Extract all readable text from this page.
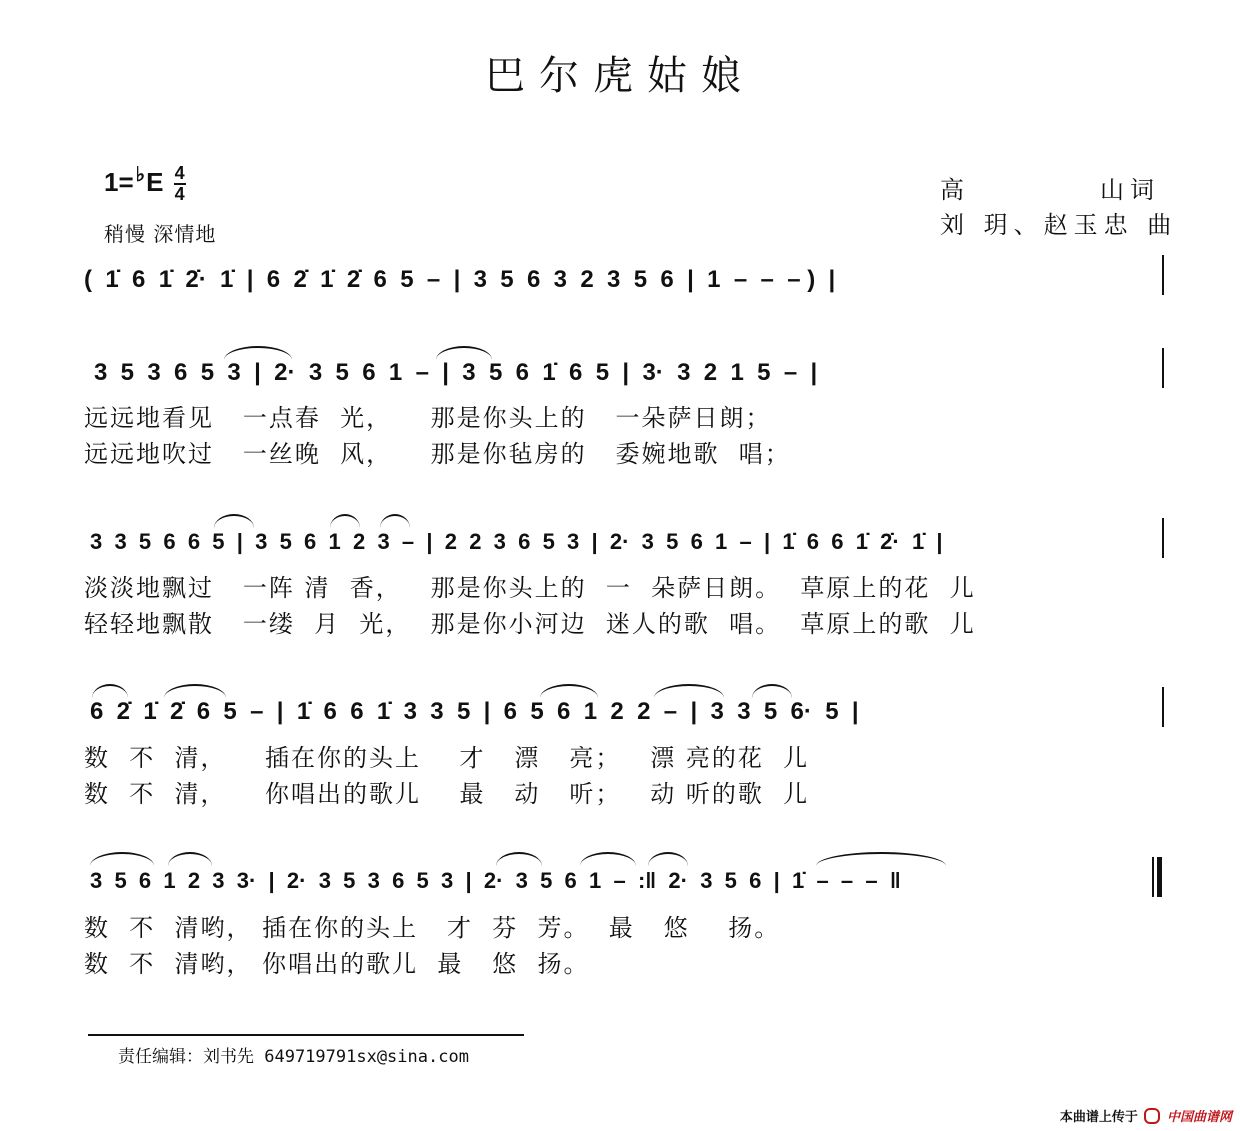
巴尔虎姑娘
$1= ^♭E \frac{4}{4}$
稍慢 深情地
高	山词
刘 玥、赵玉忠 曲
(  1̇  6  1̇  2̇·  1̇  |  6  2̇  1̇  2̇  6  5  –  |  3  5  6  3  2  3  5  6  |  1  –  –  – )  |
3  5  3  6  5  3  |  2·  3  5  6  1  –  |  3  5  6  1̇  6  5  |  3·  3  2  1  5  –  |
3  3  5  6  6  5  |  3  5  6  1  2  3  –  |  2  2  3  6  5  3  |  2·  3  5  6  1  –  |  1̇  6  6  1̇  2̇·  1̇  |
6  2̇  1̇  2̇  6  5  –  |  1̇  6  6  1̇  3  3  5  |  6  5  6  1  2  2  –  |  3  3  5  6·  5  |
3  5  6  1  2  3  3·  |  2·  3  5  3  6  5  3  |  2·  3  5  6  1  –  :‖  2·  3  5  6  |  1̇  –  –  –  ‖
远远地看见   一点春  光，    那是你头上的   一朵萨日朗；
远远地吹过   一丝晚  风，    那是你毡房的   委婉地歌  唱；
淡淡地飘过   一阵 清  香，   那是你头上的  一  朵萨日朗。  草原上的花  儿
轻轻地飘散   一缕  月  光，  那是你小河边  迷人的歌  唱。  草原上的歌  儿
数  不  清，    插在你的头上    才   漂   亮；   漂 亮的花  儿
数  不  清，    你唱出的歌儿    最   动   听；   动 听的歌  儿
数  不  清哟， 插在你的头上   才  芬  芳。  最   悠    扬。
数  不  清哟， 你唱出的歌儿  最   悠  扬。
责任编辑：刘书先 649719791sx@sina.com
本曲谱上传于 中国曲谱网
